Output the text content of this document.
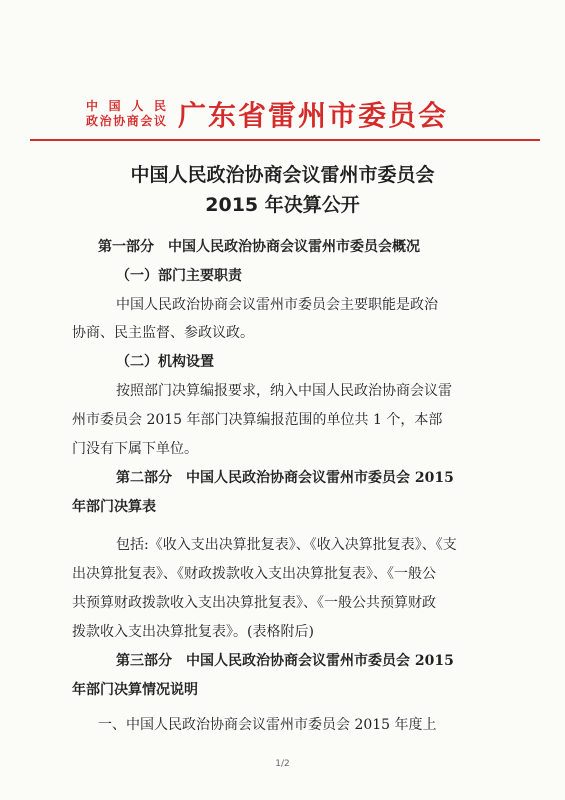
中国人民
政治协商会议 广东省雷州市委员会
中国人民政治协商会议雷州市委员会
2015 年决算公开
第一部分　中国人民政治协商会议雷州市委员会概况
（一）部门主要职责
中国人民政治协商会议雷州市委员会主要职能是政治
协商、民主监督、参政议政。
（二）机构设置
按照部门决算编报要求，纳入中国人民政治协商会议雷
州市委员会 2015 年部门决算编报范围的单位共 1 个，本部
门没有下属下单位。
第二部分　中国人民政治协商会议雷州市委员会 2015
年部门决算表
包括:《收入支出决算批复表》、《收入决算批复表》、《支
出决算批复表》、《财政拨款收入支出决算批复表》、《一般公
共预算财政拨款收入支出决算批复表》、《一般公共预算财政
拨款收入支出决算批复表》。(表格附后)
第三部分　中国人民政治协商会议雷州市委员会 2015
年部门决算情况说明
一、中国人民政治协商会议雷州市委员会 2015 年度上
1/2
